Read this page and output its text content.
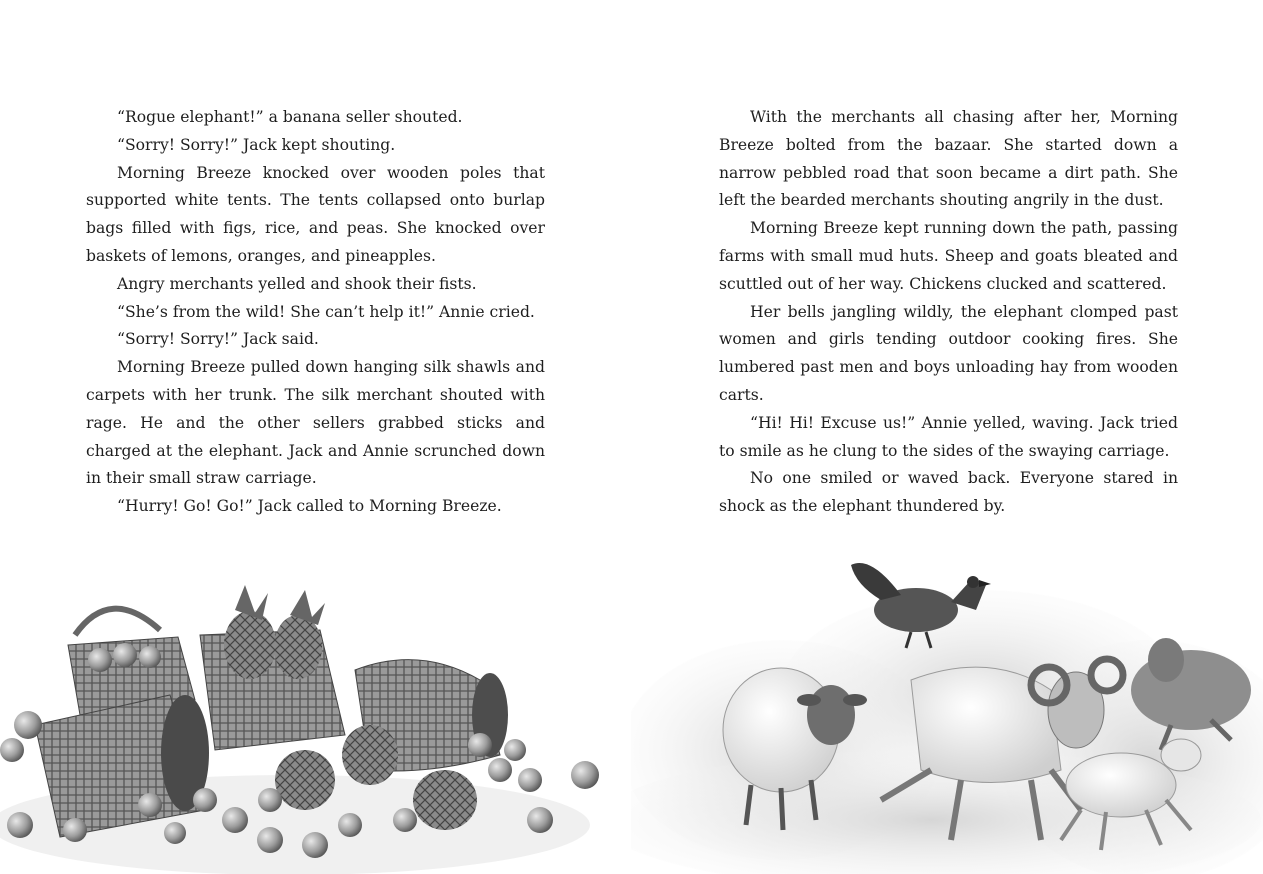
“Rogue elephant!” a banana seller shouted.

“Sorry! Sorry!” Jack kept shouting.

Morning Breeze knocked over wooden poles that supported white tents. The tents collapsed onto burlap bags filled with figs, rice, and peas. She knocked over baskets of lemons, oranges, and pineapples.

Angry merchants yelled and shook their fists.

“She’s from the wild! She can’t help it!” Annie cried.

“Sorry! Sorry!” Jack said.

Morning Breeze pulled down hanging silk shawls and carpets with her trunk. The silk merchant shouted with rage. He and the other sellers grabbed sticks and charged at the elephant. Jack and Annie scrunched down in their small straw carriage.

“Hurry! Go! Go!” Jack called to Morning Breeze.

With the merchants all chasing after her, Morning Breeze bolted from the bazaar. She started down a narrow pebbled road that soon became a dirt path. She left the bearded merchants shouting angrily in the dust.

Morning Breeze kept running down the path, passing farms with small mud huts. Sheep and goats bleated and scuttled out of her way. Chickens clucked and scattered.

Her bells jangling wildly, the elephant clomped past women and girls tending outdoor cooking fires. She lumbered past men and boys unloading hay from wooden carts.

“Hi! Hi! Excuse us!” Annie yelled, waving. Jack tried to smile as he clung to the sides of the swaying carriage.

No one smiled or waved back. Everyone stared in shock as the elephant thundered by.
